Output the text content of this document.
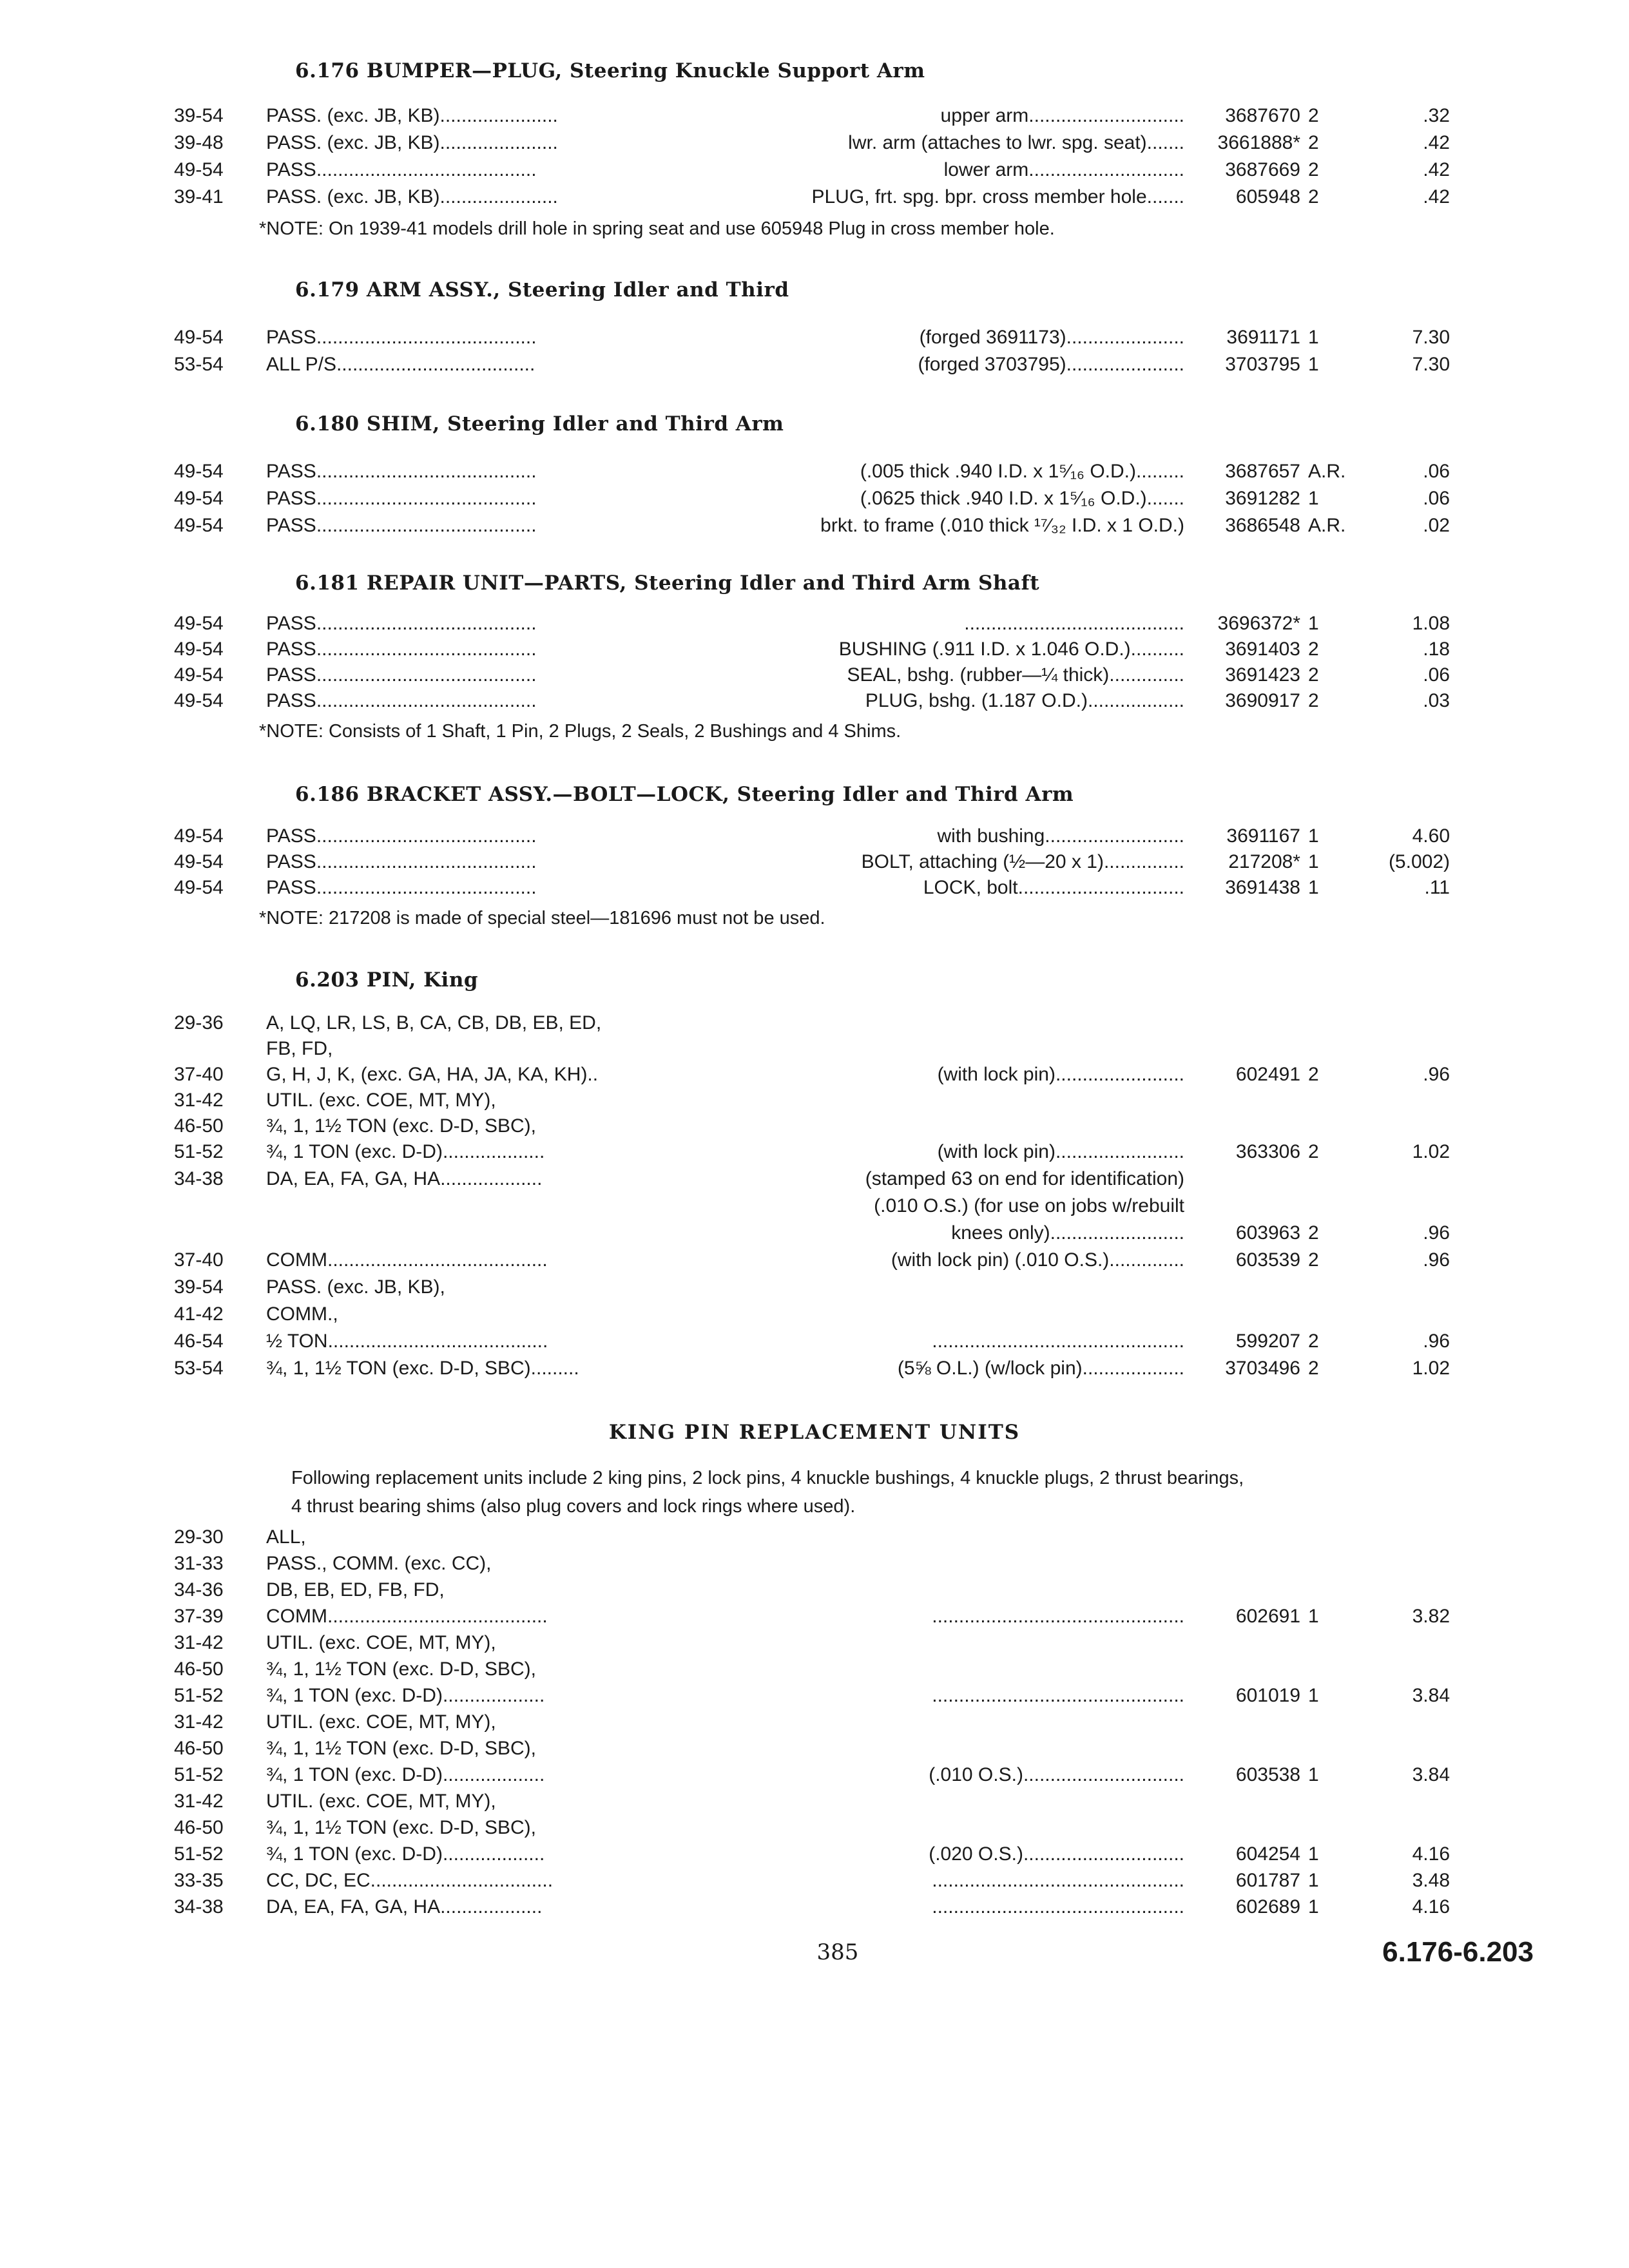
6.176 BUMPER—PLUG, Steering Knuckle Support Arm
39-54	PASS. (exc. JB, KB)......................	upper arm.............................	3687670 2	.32
39-48	PASS. (exc. JB, KB)......................	lwr. arm (attaches to lwr. spg. seat).......	3661888* 2	.42
49-54	PASS.........................................	lower arm.............................	3687669 2	.42
39-41	PASS. (exc. JB, KB)......................	PLUG, frt. spg. bpr. cross member hole.......	605948 2	.42
*NOTE: On 1939-41 models drill hole in spring seat and use 605948 Plug in cross member hole.
6.179 ARM ASSY., Steering Idler and Third
49-54	PASS.........................................	(forged 3691173)......................	3691171 1	7.30
53-54	ALL P/S.....................................	(forged 3703795)......................	3703795 1	7.30
6.180 SHIM, Steering Idler and Third Arm
49-54	PASS.........................................	(.005 thick .940 I.D. x 1⁵⁄₁₆ O.D.).........	3687657 A.R.	.06
49-54	PASS.........................................	(.0625 thick .940 I.D. x 1⁵⁄₁₆ O.D.).......	3691282 1	.06
49-54	PASS.........................................	brkt. to frame (.010 thick ¹⁷⁄₃₂ I.D. x 1 O.D.)	3686548 A.R.	.02
6.181 REPAIR UNIT—PARTS, Steering Idler and Third Arm Shaft
49-54	PASS.........................................	.........................................	3696372* 1	1.08
49-54	PASS.........................................	BUSHING (.911 I.D. x 1.046 O.D.)..........	3691403 2	.18
49-54	PASS.........................................	SEAL, bshg. (rubber—¼ thick)..............	3691423 2	.06
49-54	PASS.........................................	PLUG, bshg. (1.187 O.D.)..................	3690917 2	.03
*NOTE: Consists of 1 Shaft, 1 Pin, 2 Plugs, 2 Seals, 2 Bushings and 4 Shims.
6.186 BRACKET ASSY.—BOLT—LOCK, Steering Idler and Third Arm
49-54	PASS.........................................	with bushing..........................	3691167 1	4.60
49-54	PASS.........................................	BOLT, attaching (½—20 x 1)...............	217208* 1	(5.002)
49-54	PASS.........................................	LOCK, bolt...............................	3691438 1	.11
*NOTE: 217208 is made of special steel—181696 must not be used.
6.203 PIN, King
29-36	A, LQ, LR, LS, B, CA, CB, DB, EB, ED,
FB, FD,
37-40	G, H, J, K, (exc. GA, HA, JA, KA, KH)..	(with lock pin)........................	602491 2	.96
31-42	UTIL. (exc. COE, MT, MY),
46-50	¾, 1, 1½ TON (exc. D-D, SBC),
51-52	¾, 1 TON (exc. D-D)...................	(with lock pin)........................	363306 2	1.02
34-38	DA, EA, FA, GA, HA...................	(stamped 63 on end for identification)
(.010 O.S.) (for use on jobs w/rebuilt
knees only).........................	603963 2	.96
37-40	COMM.........................................	(with lock pin) (.010 O.S.)..............	603539 2	.96
39-54	PASS. (exc. JB, KB),
41-42	COMM.,
46-54	½ TON.........................................	...............................................	599207 2	.96
53-54	¾, 1, 1½ TON (exc. D-D, SBC).........	(5⅝ O.L.) (w/lock pin)...................	3703496 2	1.02
KING PIN REPLACEMENT UNITS
Following replacement units include 2 king pins, 2 lock pins, 4 knuckle bushings, 4 knuckle plugs, 2 thrust bearings, 4 thrust bearing shims (also plug covers and lock rings where used).
29-30	ALL,
31-33	PASS., COMM. (exc. CC),
34-36	DB, EB, ED, FB, FD,
37-39	COMM.........................................	...............................................	602691 1	3.82
31-42	UTIL. (exc. COE, MT, MY),
46-50	¾, 1, 1½ TON (exc. D-D, SBC),
51-52	¾, 1 TON (exc. D-D)...................	...............................................	601019 1	3.84
31-42	UTIL. (exc. COE, MT, MY),
46-50	¾, 1, 1½ TON (exc. D-D, SBC),
51-52	¾, 1 TON (exc. D-D)...................	(.010 O.S.)..............................	603538 1	3.84
31-42	UTIL. (exc. COE, MT, MY),
46-50	¾, 1, 1½ TON (exc. D-D, SBC),
51-52	¾, 1 TON (exc. D-D)...................	(.020 O.S.)..............................	604254 1	4.16
33-35	CC, DC, EC..................................	...............................................	601787 1	3.48
34-38	DA, EA, FA, GA, HA...................	...............................................	602689 1	4.16
385	6.176-6.203
